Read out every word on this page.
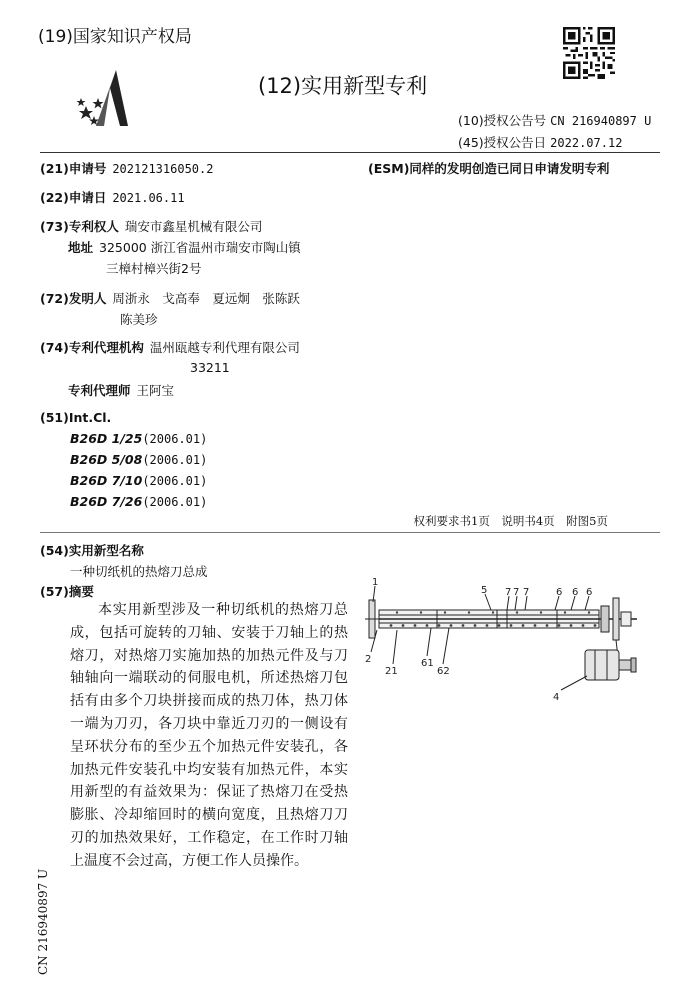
(19)国家知识产权局
(12)实用新型专利
(10)授权公告号 CN 216940897 U
(45)授权公告日 2022.07.12
(21)申请号 202121316050.2	(ESM)同样的发明创造已同日申请发明专利
(22)申请日 2021.06.11
(73)专利权人 瑞安市鑫星机械有限公司
地址 325000 浙江省温州市瑞安市陶山镇
三樟村樟兴街2号
(72)发明人 周浙永　戈高奉　夏远炯　张陈跃
陈美珍
(74)专利代理机构 温州瓯越专利代理有限公司
33211
专利代理师 王阿宝
(51)Int.Cl.
B26D 1/25(2006.01)
B26D 5/08(2006.01)
B26D 7/10(2006.01)
B26D 7/26(2006.01)
权利要求书1页　说明书4页　附图5页
(54)实用新型名称
一种切纸机的热熔刀总成
(57)摘要
本实用新型涉及一种切纸机的热熔刀总成，包括可旋转的刀轴、安装于刀轴上的热熔刀，对热熔刀实施加热的加热元件及与刀轴轴向一端联动的伺服电机，所述热熔刀包括有由多个刀块拼接而成的热刀体，热刀体一端为刀刃，各刀块中靠近刀刃的一侧设有呈环状分布的至少五个加热元件安装孔，各加热元件安装孔中均安装有加热元件，本实用新型的有益效果为：保证了热熔刀在受热膨胀、冷却缩回时的横向宽度，且热熔刀刀刃的加热效果好，工作稳定，在工作时刀轴上温度不会过高，方便工作人员操作。
1
5 7 7 7	6 6 6
2
21
61
62
4
CN 216940897 U
